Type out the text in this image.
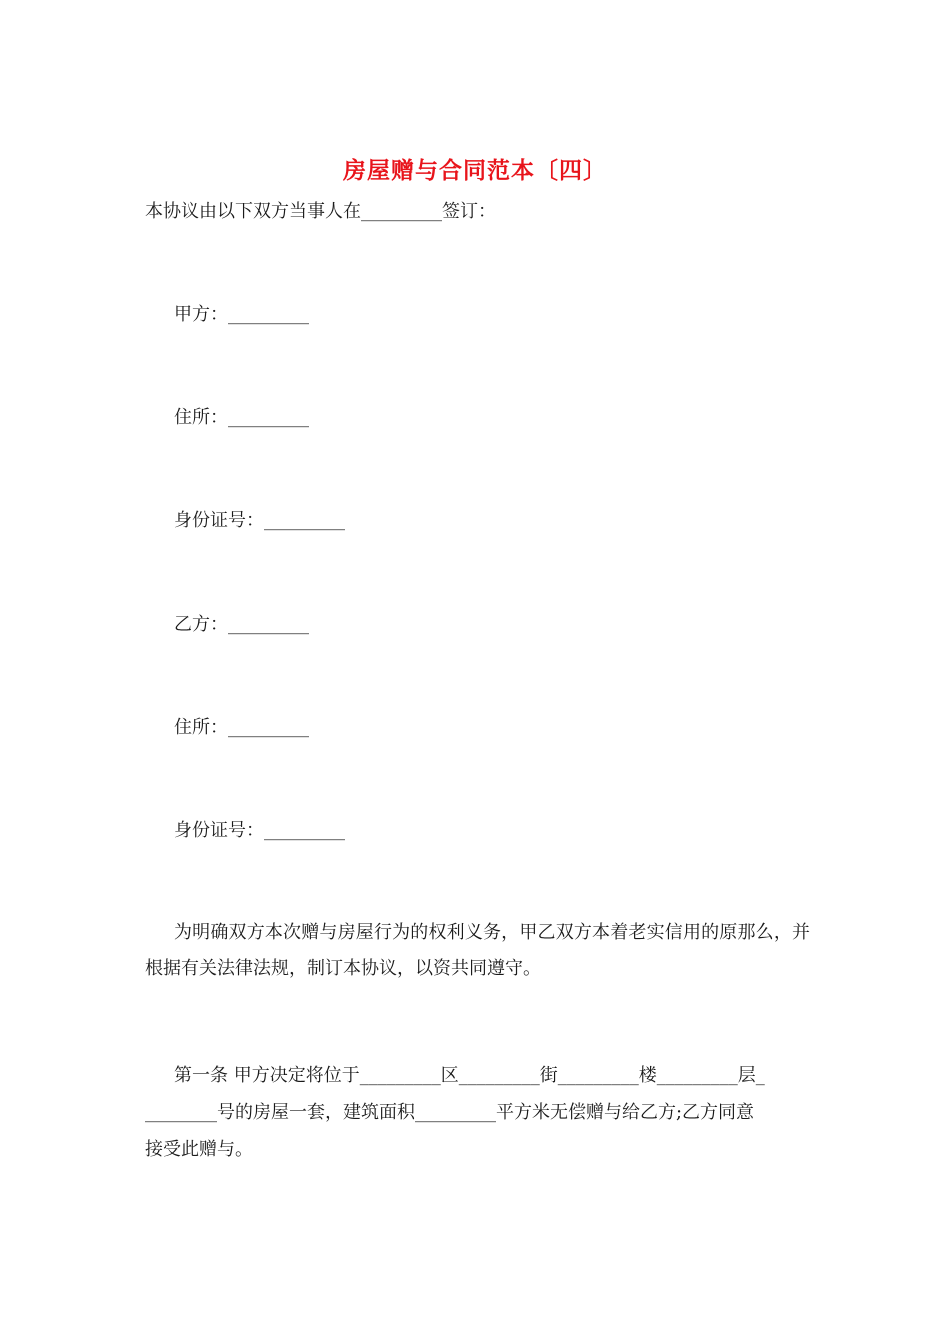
房屋赠与合同范本〔四〕
本协议由以下双方当事人在_________签订：
甲方：_________
住所：_________
身份证号：_________
乙方：_________
住所：_________
身份证号：_________
为明确双方本次赠与房屋行为的权利义务，甲乙双方本着老实信用的原那么，并根据有关法律法规，制订本协议，以资共同遵守。
第一条 甲方决定将位于_________区_________街_________楼_________层_
________号的房屋一套，建筑面积_________平方米无偿赠与给乙方;乙方同意
接受此赠与。
